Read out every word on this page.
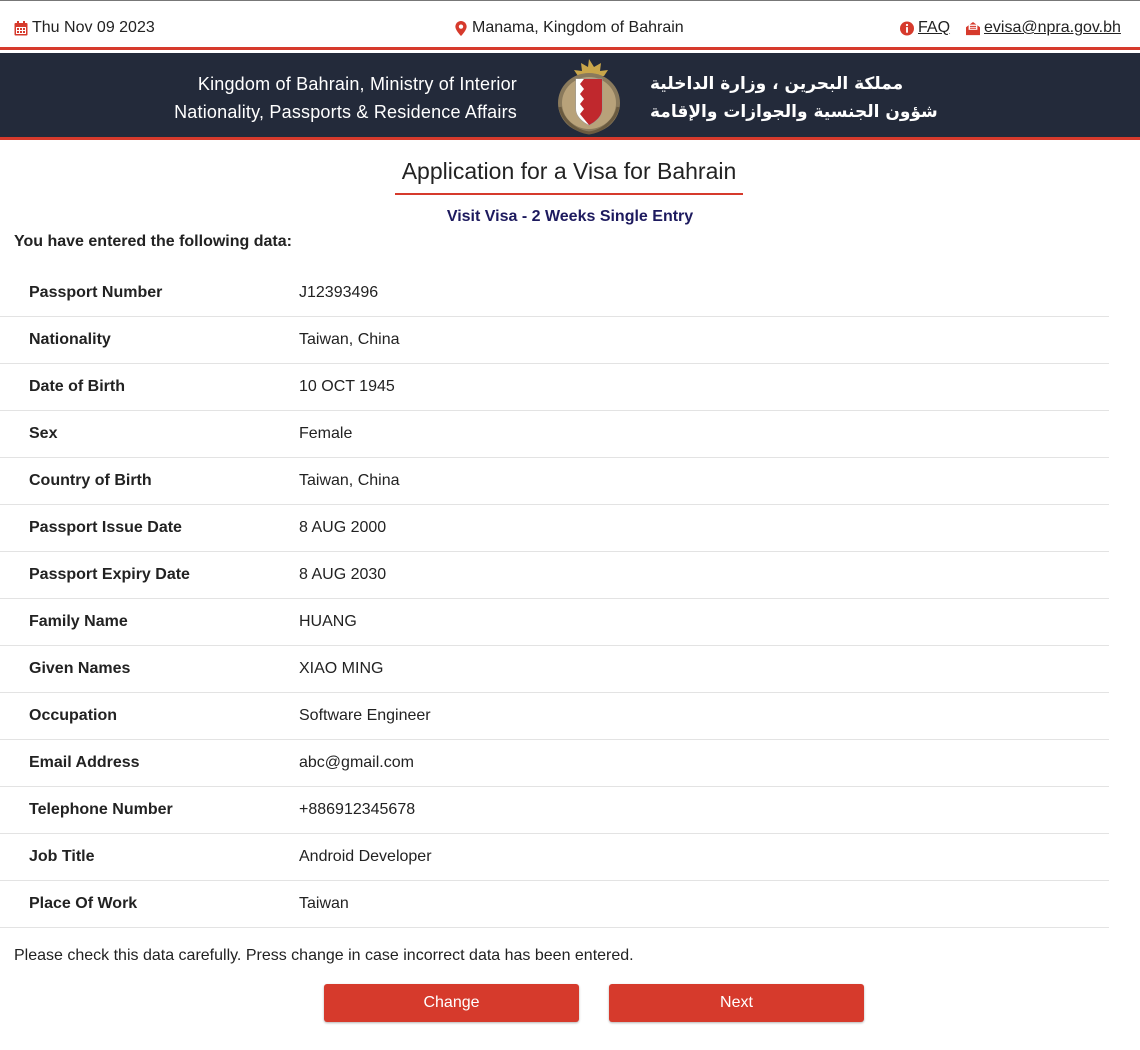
Thu Nov 09 2023	Manama, Kingdom of Bahrain	FAQ evisa@npra.gov.bh
Kingdom of Bahrain, Ministry of Interior
Nationality, Passports & Residence Affairs
مملكة البحرين ، وزارة الداخلية
شؤون الجنسية والجوازات والإقامة
Application for a Visa for Bahrain
Visit Visa - 2 Weeks Single Entry
You have entered the following data:
Passport Number	J12393496
Nationality	Taiwan, China
Date of Birth	10 OCT 1945
Sex	Female
Country of Birth	Taiwan, China
Passport Issue Date	8 AUG 2000
Passport Expiry Date	8 AUG 2030
Family Name	HUANG
Given Names	XIAO MING
Occupation	Software Engineer
Email Address	abc@gmail.com
Telephone Number	+886912345678
Job Title	Android Developer
Place Of Work	Taiwan
Please check this data carefully. Press change in case incorrect data has been entered.
Change	Next
